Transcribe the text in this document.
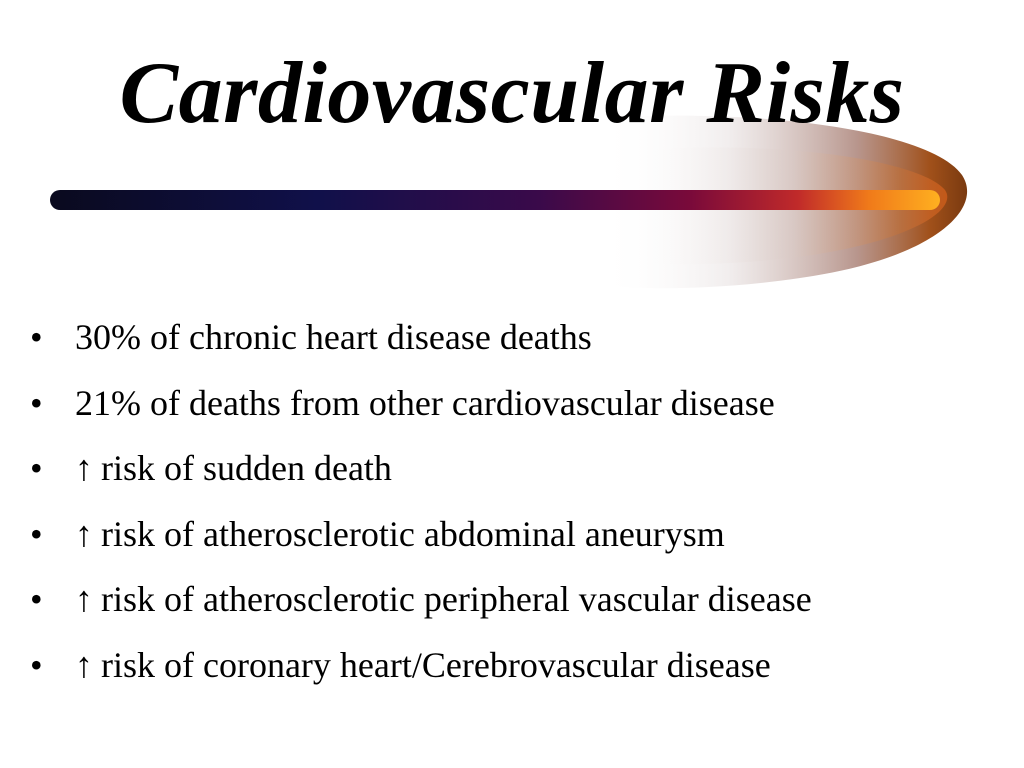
Cardiovascular Risks
• 30% of chronic heart disease deaths
• 21% of deaths from other cardiovascular disease
• ↑ risk of sudden death
• ↑ risk of atherosclerotic abdominal aneurysm
• ↑ risk of atherosclerotic peripheral vascular disease
• ↑ risk of coronary heart/Cerebrovascular disease
